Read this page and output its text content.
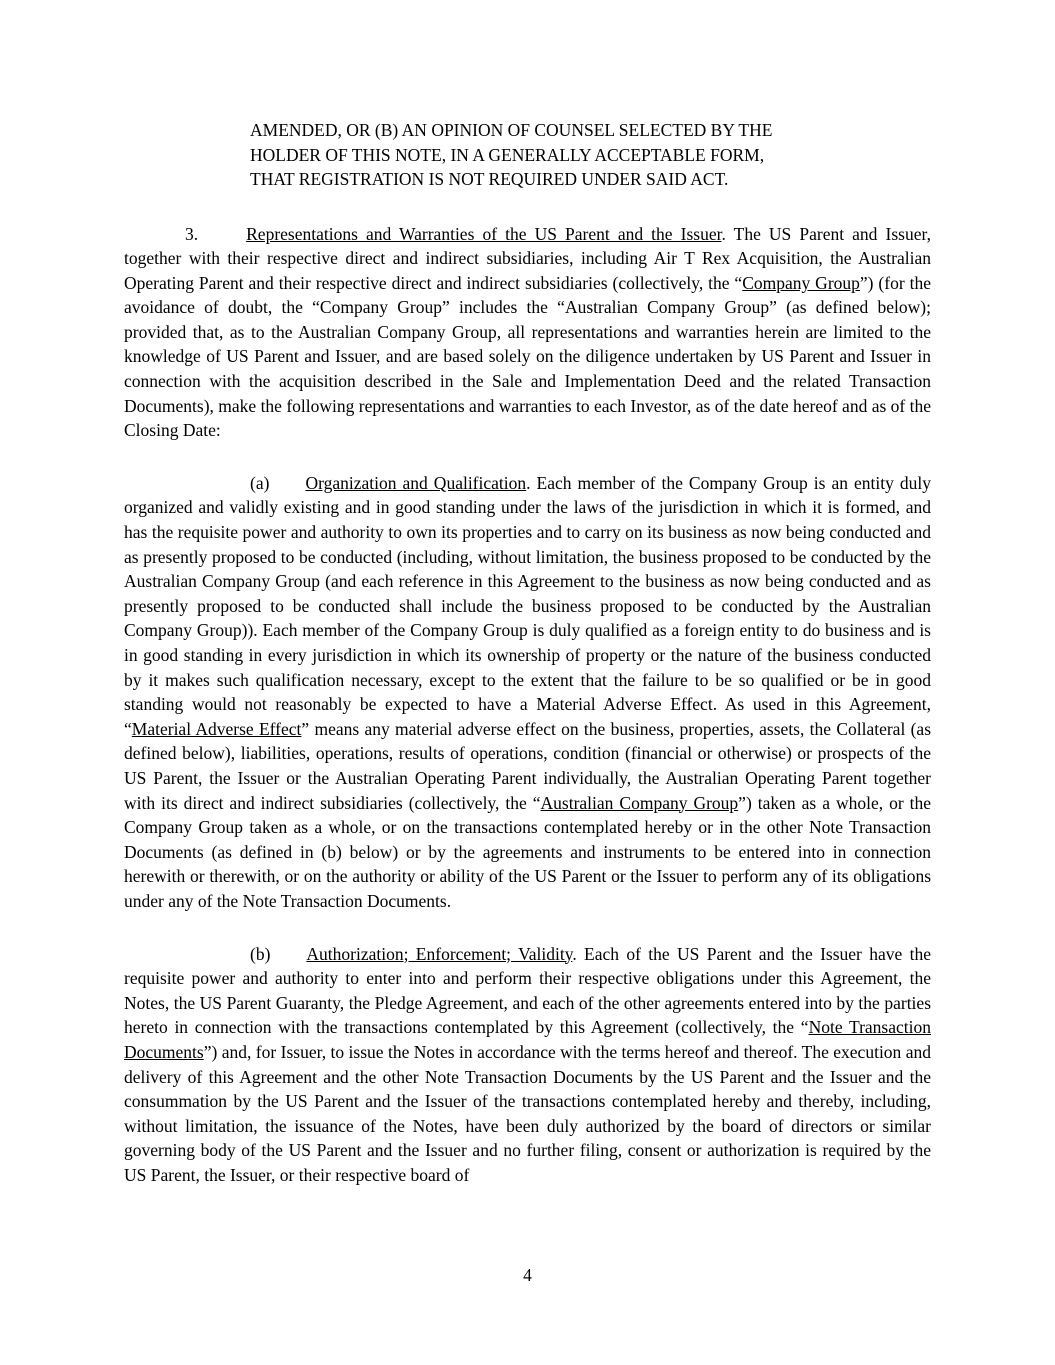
AMENDED, OR (B) AN OPINION OF COUNSEL SELECTED BY THE
HOLDER OF THIS NOTE, IN A GENERALLY ACCEPTABLE FORM,
THAT REGISTRATION IS NOT REQUIRED UNDER SAID ACT.

3.	Representations and Warranties of the US Parent and the Issuer. The US Parent and Issuer, together with their respective direct and indirect subsidiaries, including Air T Rex Acquisition, the Australian Operating Parent and their respective direct and indirect subsidiaries (collectively, the “Company Group”) (for the avoidance of doubt, the “Company Group” includes the “Australian Company Group” (as defined below); provided that, as to the Australian Company Group, all representations and warranties herein are limited to the knowledge of US Parent and Issuer, and are based solely on the diligence undertaken by US Parent and Issuer in connection with the acquisition described in the Sale and Implementation Deed and the related Transaction Documents), make the following representations and warranties to each Investor, as of the date hereof and as of the Closing Date:

(a) Organization and Qualification. Each member of the Company Group is an entity duly organized and validly existing and in good standing under the laws of the jurisdiction in which it is formed, and has the requisite power and authority to own its properties and to carry on its business as now being conducted and as presently proposed to be conducted (including, without limitation, the business proposed to be conducted by the Australian Company Group (and each reference in this Agreement to the business as now being conducted and as presently proposed to be conducted shall include the business proposed to be conducted by the Australian Company Group)). Each member of the Company Group is duly qualified as a foreign entity to do business and is in good standing in every jurisdiction in which its ownership of property or the nature of the business conducted by it makes such qualification necessary, except to the extent that the failure to be so qualified or be in good standing would not reasonably be expected to have a Material Adverse Effect. As used in this Agreement, “Material Adverse Effect” means any material adverse effect on the business, properties, assets, the Collateral (as defined below), liabilities, operations, results of operations, condition (financial or otherwise) or prospects of the US Parent, the Issuer or the Australian Operating Parent individually, the Australian Operating Parent together with its direct and indirect subsidiaries (collectively, the “Australian Company Group”) taken as a whole, or the Company Group taken as a whole, or on the transactions contemplated hereby or in the other Note Transaction Documents (as defined in (b) below) or by the agreements and instruments to be entered into in connection herewith or therewith, or on the authority or ability of the US Parent or the Issuer to perform any of its obligations under any of the Note Transaction Documents.

(b) Authorization; Enforcement; Validity. Each of the US Parent and the Issuer have the requisite power and authority to enter into and perform their respective obligations under this Agreement, the Notes, the US Parent Guaranty, the Pledge Agreement, and each of the other agreements entered into by the parties hereto in connection with the transactions contemplated by this Agreement (collectively, the “Note Transaction Documents”) and, for Issuer, to issue the Notes in accordance with the terms hereof and thereof. The execution and delivery of this Agreement and the other Note Transaction Documents by the US Parent and the Issuer and the consummation by the US Parent and the Issuer of the transactions contemplated hereby and thereby, including, without limitation, the issuance of the Notes, have been duly authorized by the board of directors or similar governing body of the US Parent and the Issuer and no further filing, consent or authorization is required by the US Parent, the Issuer, or their respective board of

4
